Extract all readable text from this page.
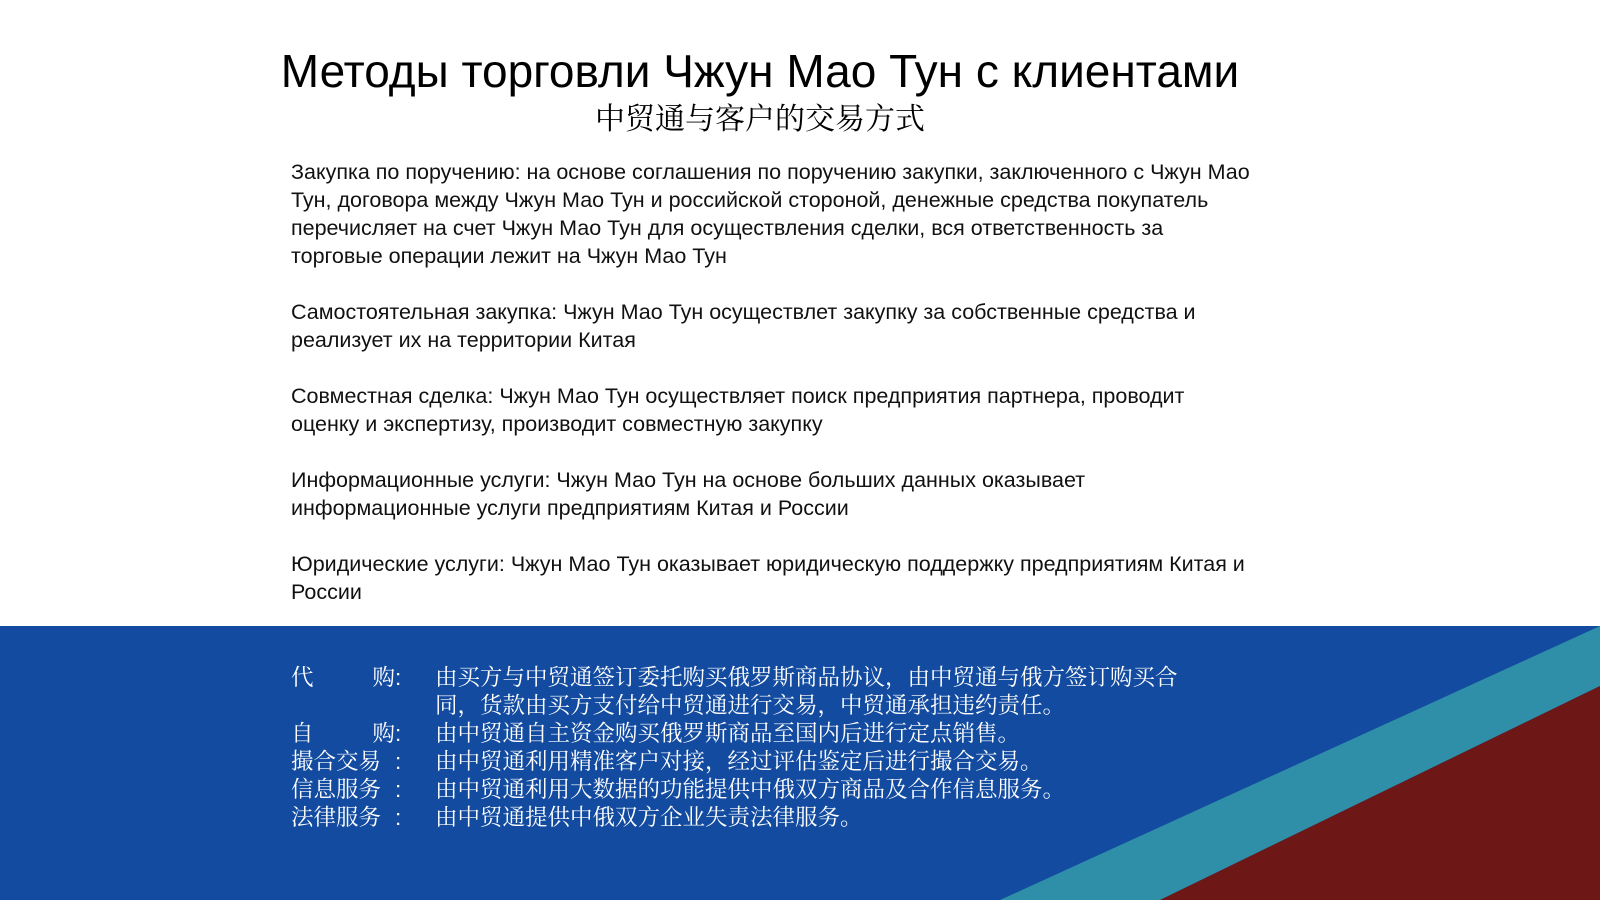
Методы торговли Чжун Мао Тун с клиентами
中贸通与客户的交易方式

Закупка по поручению: на основе соглашения по поручению закупки, заключенного с Чжун Мао Тун, договора между Чжун Мао Тун и российской стороной, денежные средства покупатель перечисляет на счет Чжун Мао Тун для осуществления сделки, вся ответственность за торговые операции лежит на Чжун Мао Тун

Самостоятельная закупка: Чжун Мао Тун осуществлет закупку за собственные средства и реализует их на территории Китая

Совместная сделка: Чжун Мао Тун осуществляет поиск предприятия партнера, проводит оценку и экспертизу, производит совместную закупку

Информационные услуги: Чжун Мао Тун на основе больших данных оказывает информационные услуги предприятиям Китая и России

Юридические услуги: Чжун Мао Тун оказывает юридическую поддержку предприятиям Китая и России

代	购 :	由买方与中贸通签订委托购买俄罗斯商品协议，由中贸通与俄方签订购买合同，货款由买方支付给中贸通进行交易，中贸通承担违约责任。
自	购 :	由中贸通自主资金购买俄罗斯商品至国内后进行定点销售。
撮合交易 :	由中贸通利用精准客户对接，经过评估鉴定后进行撮合交易。
信息服务 :	由中贸通利用大数据的功能提供中俄双方商品及合作信息服务。
法律服务 :	由中贸通提供中俄双方企业失责法律服务。
